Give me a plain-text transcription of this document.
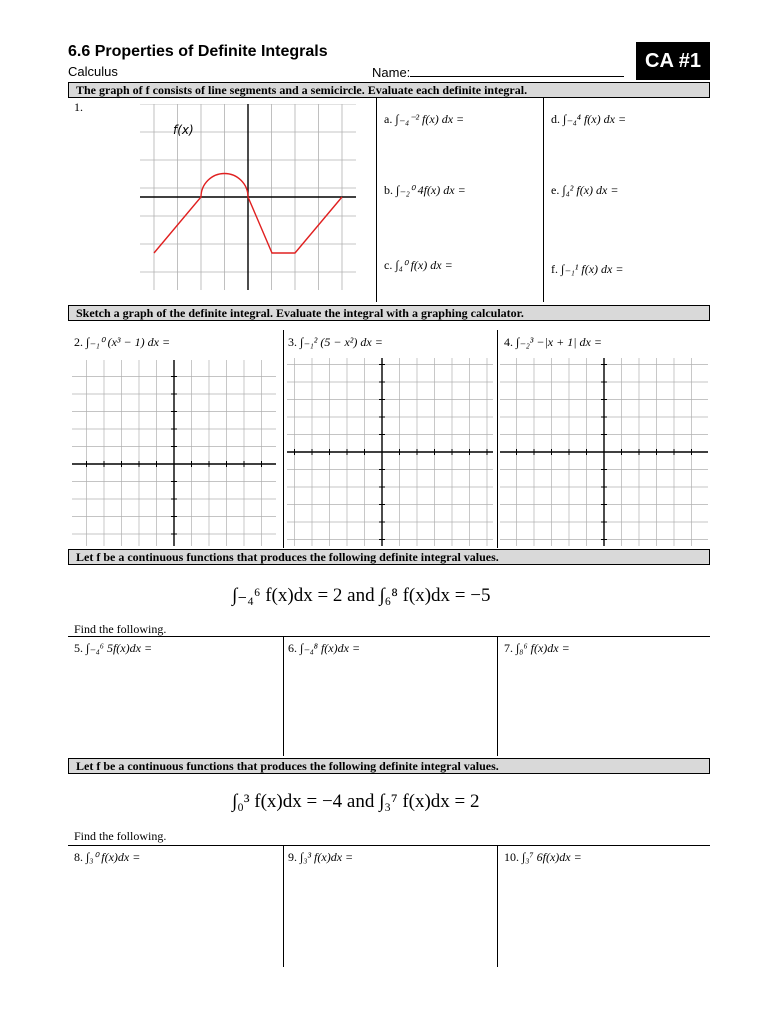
6.6 Properties of Definite Integrals
Calculus	Name:
CA #1
The graph of f consists of line segments and a semicircle. Evaluate each definite integral.
1.
f(x)
a. ∫₋₄⁻² f(x) dx =
b. ∫₋₂⁰ 4f(x) dx =
c. ∫₄⁰ f(x) dx =
d. ∫₋₄⁴ f(x) dx =
e. ∫₄² f(x) dx =
f. ∫₋₁¹ f(x) dx =
Sketch a graph of the definite integral. Evaluate the integral with a graphing calculator.
2. ∫₋₁⁰ (x³ − 1) dx =	3. ∫₋₁² (5 − x²) dx =	4. ∫₋₂³ −|x + 1| dx =
Let f be a continuous functions that produces the following definite integral values.
∫₋₄⁶ f(x)dx = 2 and ∫₆⁸ f(x)dx = −5
Find the following.
5. ∫₋₄⁶ 5f(x)dx =	6. ∫₋₄⁸ f(x)dx =	7. ∫₈⁶ f(x)dx =
Let f be a continuous functions that produces the following definite integral values.
∫₀³ f(x)dx = −4 and ∫₃⁷ f(x)dx = 2
Find the following.
8. ∫₃⁰ f(x)dx =	9. ∫₃³ f(x)dx =	10. ∫₃⁷ 6f(x)dx =
